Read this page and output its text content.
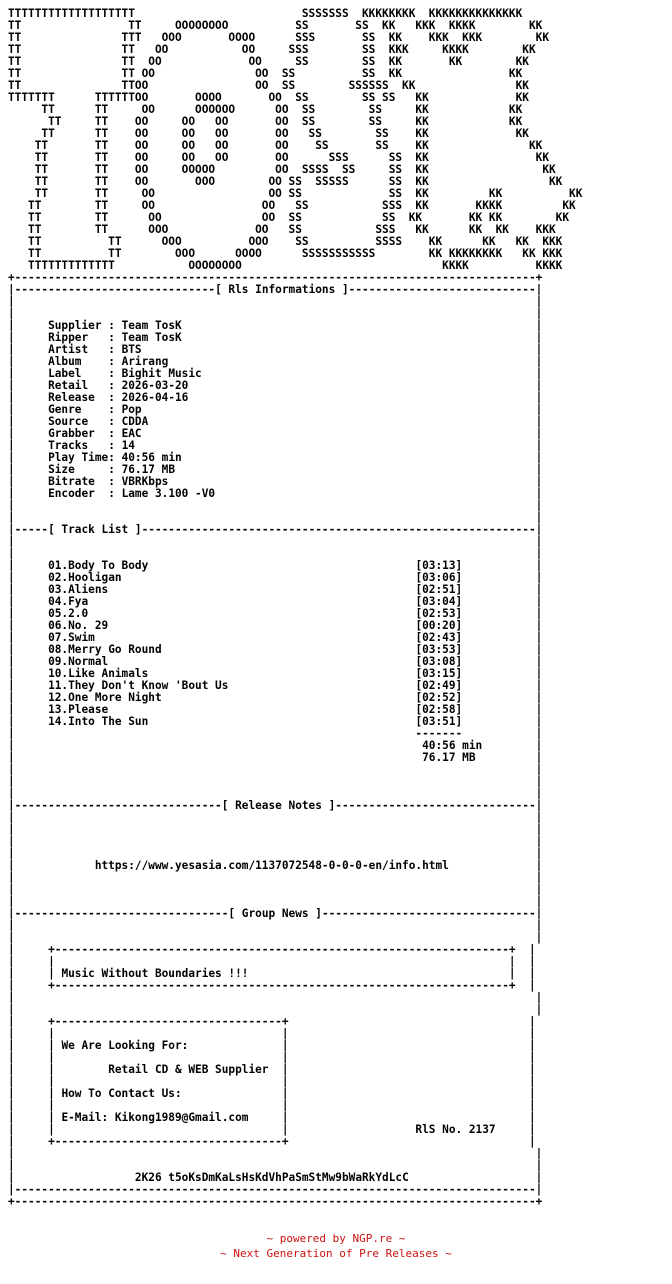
TTTTTTTTTTTTTTTTTTT                         SSSSSSS  KKKKKKKK  KKKKKKKKKKKKKK
TT                TT     OOOOOOOO          SS       SS  KK   KKK  KKKK        KK
TT               TTT   OOO       OOOO      SSS       SS  KK    KKK  KKK        KK
TT               TT   OO           OO     SSS        SS  KKK     KKKK        KK
TT               TT  OO             OO     SS        SS  KK       KK        KK
TT               TT OO               OO  SS          SS  KK                KK
TT               TTOO                OO  SS        SSSSSS  KK               KK
TTTTTTT      TTTTTTOO       OOOO       OO  SS        SS SS   KK             KK
TT      TT     OO      OOOOOO      OO  SS        SS     KK            KK
TT     TT    OO     OO   OO       OO  SS        SS     KK            KK
TT      TT    OO     OO   OO       OO   SS        SS    KK             KK
TT       TT    OO     OO   OO       OO    SS       SS    KK               KK
TT       TT    OO     OO   OO       OO      SSS      SS  KK                KK
TT       TT    OO     OOOOO         OO  SSSS  SS     SS  KK                 KK
TT       TT    OO       OOO        OO SS  SSSSS      SS  KK                  KK
TT       TT     OO                 OO SS             SS  KK         KK          KK
TT        TT     OO                OO   SS           SSS  KK       KKKK         KK
TT        TT      OO               OO  SS            SS  KK       KK KK        KK
TT        TT      OOO             OO   SS           SSS   KK      KK  KK    KKK
TT          TT      OOO          OOO    SS          SSSS    KK      KK   KK  KKK
TT          TT        OOO      OOOO      SSSSSSSSSSS        KK KKKKKKKK   KK KKK
TTTTTTTTTTTTT           OOOOOOOO                              KKKK          KKKK
+------------------------------------------------------------------------------+
|------------------------------[ Rls Informations ]----------------------------|
|                                                                              |
|                                                                              |
|     Supplier : Team TosK                                                     |
|     Ripper   : Team TosK                                                     |
|     Artist   : BTS                                                           |
|     Album    : Arirang                                                       |
|     Label    : Bighit Music                                                  |
|     Retail   : 2026-03-20                                                    |
|     Release  : 2026-04-16                                                    |
|     Genre    : Pop                                                           |
|     Source   : CDDA                                                          |
|     Grabber  : EAC                                                           |
|     Tracks   : 14                                                            |
|     Play Time: 40:56 min                                                     |
|     Size     : 76.17 MB                                                      |
|     Bitrate  : VBRKbps                                                       |
|     Encoder  : Lame 3.100 -V0                                                |
|                                                                              |
|                                                                              |
|-----[ Track List ]-----------------------------------------------------------|
|                                                                              |
|                                                                              |
|     01.Body To Body	[03:13]           |
|     02.Hooligan	[03:06]           |
|     03.Aliens	[02:51]           |
|     04.Fya	[03:04]           |
|     05.2.0	[02:53]           |
|     06.No. 29	[00:20]           |
|     07.Swim	[02:43]           |
|     08.Merry Go Round	[03:53]           |
|     09.Normal	[03:08]           |
|     10.Like Animals	[03:15]           |
|     11.They Don't Know 'Bout Us	[02:49]           |
|     12.One More Night	[02:52]           |
|     13.Please	[02:58]           |
|     14.Into The Sun	[03:51]           |
|                                                            -------           |
|                                                             40:56 min        |
|                                                             76.17 MB         |
|                                                                              |
|                                                                              |
|                                                                              |
|-------------------------------[ Release Notes ]------------------------------|
|                                                                              |
|                                                                              |
|                                                                              |
|                                                                              |
|            https://www.yesasia.com/1137072548-0-0-0-en/info.html             |
|                                                                              |
|                                                                              |
|                                                                              |
|--------------------------------[ Group News ]--------------------------------|
|                                                                              |
|                                                                              |
|     +--------------------------------------------------------------------+  |
|     |                                                                    |  |
|     | Music Without Boundaries !!!                                       |  |
|     +--------------------------------------------------------------------+  |
|                                                                              |
|                                                                              |
|     +----------------------------------+                                    |
|     |                                  |                                    |
|     | We Are Looking For:              |                                    |
|     |                                  |                                    |
|     |        Retail CD & WEB Supplier  |                                    |
|     |                                  |                                    |
|     | How To Contact Us:               |                                    |
|     |                                  |                                    |
|     | E-Mail: Kikong1989@Gmail.com     |                                    |
|     |                                  |                   RlS No. 2137     |
|     +----------------------------------+                                    |
|                                                                              |
|                                                                              |
|                  2K26 t5oKsDmKaLsHsKdVhPaSmStMw9bWaRkYdLcC                   |
|------------------------------------------------------------------------------|
+------------------------------------------------------------------------------+
~ powered by NGP.re ~
~ Next Generation of Pre Releases ~
